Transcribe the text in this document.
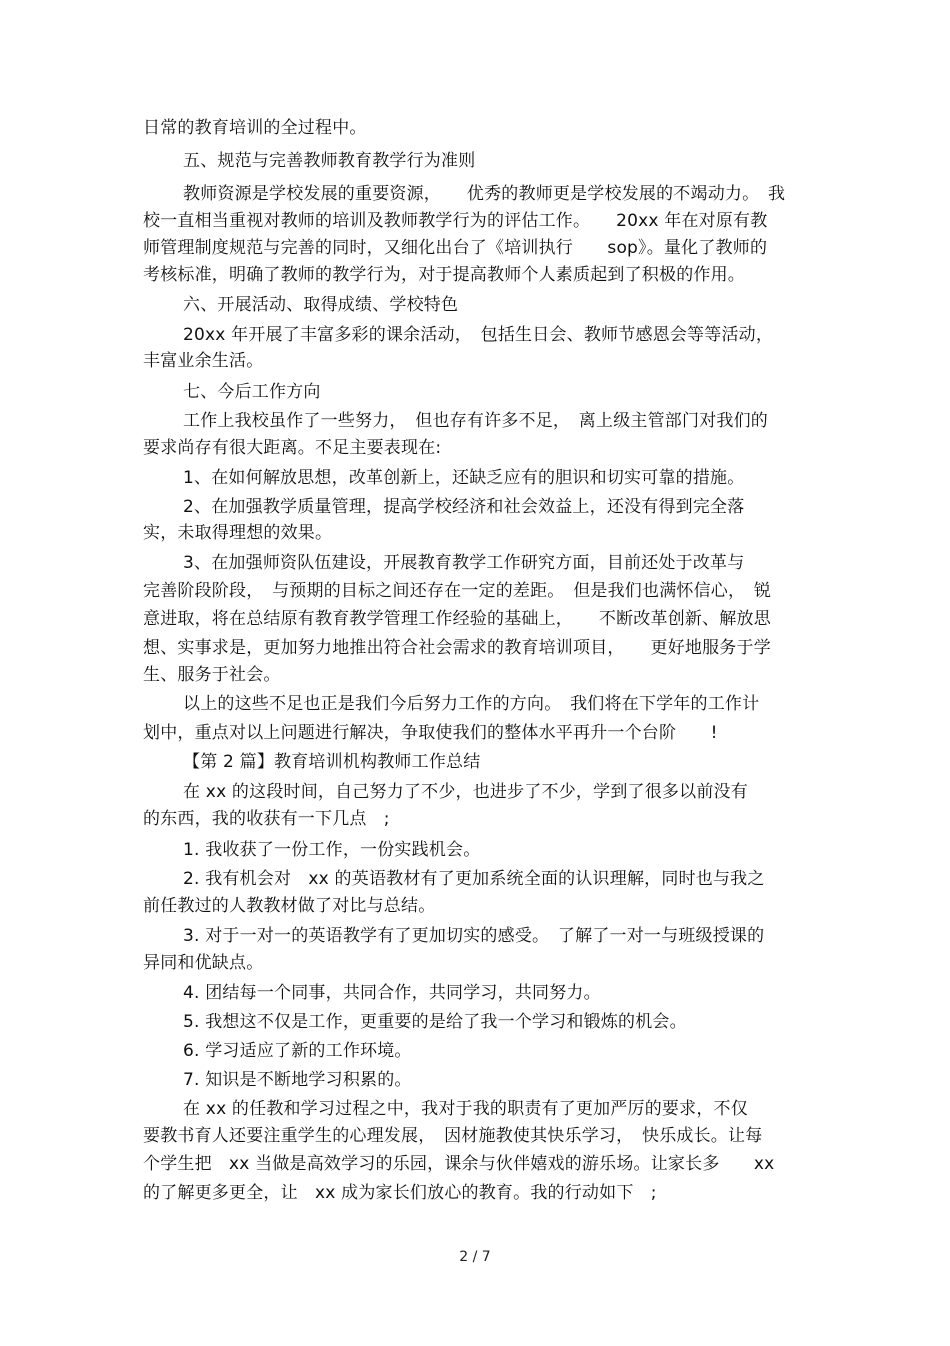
日常的教育培训的全过程中。
五、规范与完善教师教育教学行为准则
教师资源是学校发展的重要资源，　　优秀的教师更是学校发展的不竭动力。　我
校一直相当重视对教师的培训及教师教学行为的评估工作。　　20xx 年在对原有教
师管理制度规范与完善的同时，又细化出台了《培训执行　　sop》。量化了教师的
考核标准，明确了教师的教学行为，对于提高教师个人素质起到了积极的作用。
六、开展活动、取得成绩、学校特色
20xx 年开展了丰富多彩的课余活动，　包括生日会、教师节感恩会等等活动，
丰富业余生活。
七、今后工作方向
工作上我校虽作了一些努力，　但也存有许多不足，　离上级主管部门对我们的
要求尚存有很大距离。不足主要表现在:
1、在如何解放思想，改革创新上，还缺乏应有的胆识和切实可靠的措施。
2、在加强教学质量管理，提高学校经济和社会效益上，还没有得到完全落
实，未取得理想的效果。
3、在加强师资队伍建设，开展教育教学工作研究方面，目前还处于改革与
完善阶段阶段，　与预期的目标之间还存在一定的差距。　但是我们也满怀信心，　锐
意进取，将在总结原有教育教学管理工作经验的基础上，　　不断改革创新、解放思
想、实事求是，更加努力地推出符合社会需求的教育培训项目，　　更好地服务于学
生、服务于社会。
以上的这些不足也正是我们今后努力工作的方向。　我们将在下学年的工作计
划中，重点对以上问题进行解决，争取使我们的整体水平再升一个台阶　　!
【第 2 篇】教育培训机构教师工作总结
在 xx 的这段时间，自己努力了不少，也进步了不少，学到了很多以前没有
的东西，我的收获有一下几点　;
1. 我收获了一份工作，一份实践机会。
2. 我有机会对　xx 的英语教材有了更加系统全面的认识理解，同时也与我之
前任教过的人教教材做了对比与总结。
3. 对于一对一的英语教学有了更加切实的感受。　了解了一对一与班级授课的
异同和优缺点。
4. 团结每一个同事，共同合作，共同学习，共同努力。
5. 我想这不仅是工作，更重要的是给了我一个学习和锻炼的机会。
6. 学习适应了新的工作环境。
7. 知识是不断地学习积累的。
在 xx 的任教和学习过程之中，我对于我的职责有了更加严厉的要求，不仅
要教书育人还要注重学生的心理发展，　因材施教使其快乐学习，　快乐成长。让每
个学生把　xx 当做是高效学习的乐园，课余与伙伴嬉戏的游乐场。让家长多　　xx
的了解更多更全，让　xx 成为家长们放心的教育。我的行动如下　;
2 / 7
